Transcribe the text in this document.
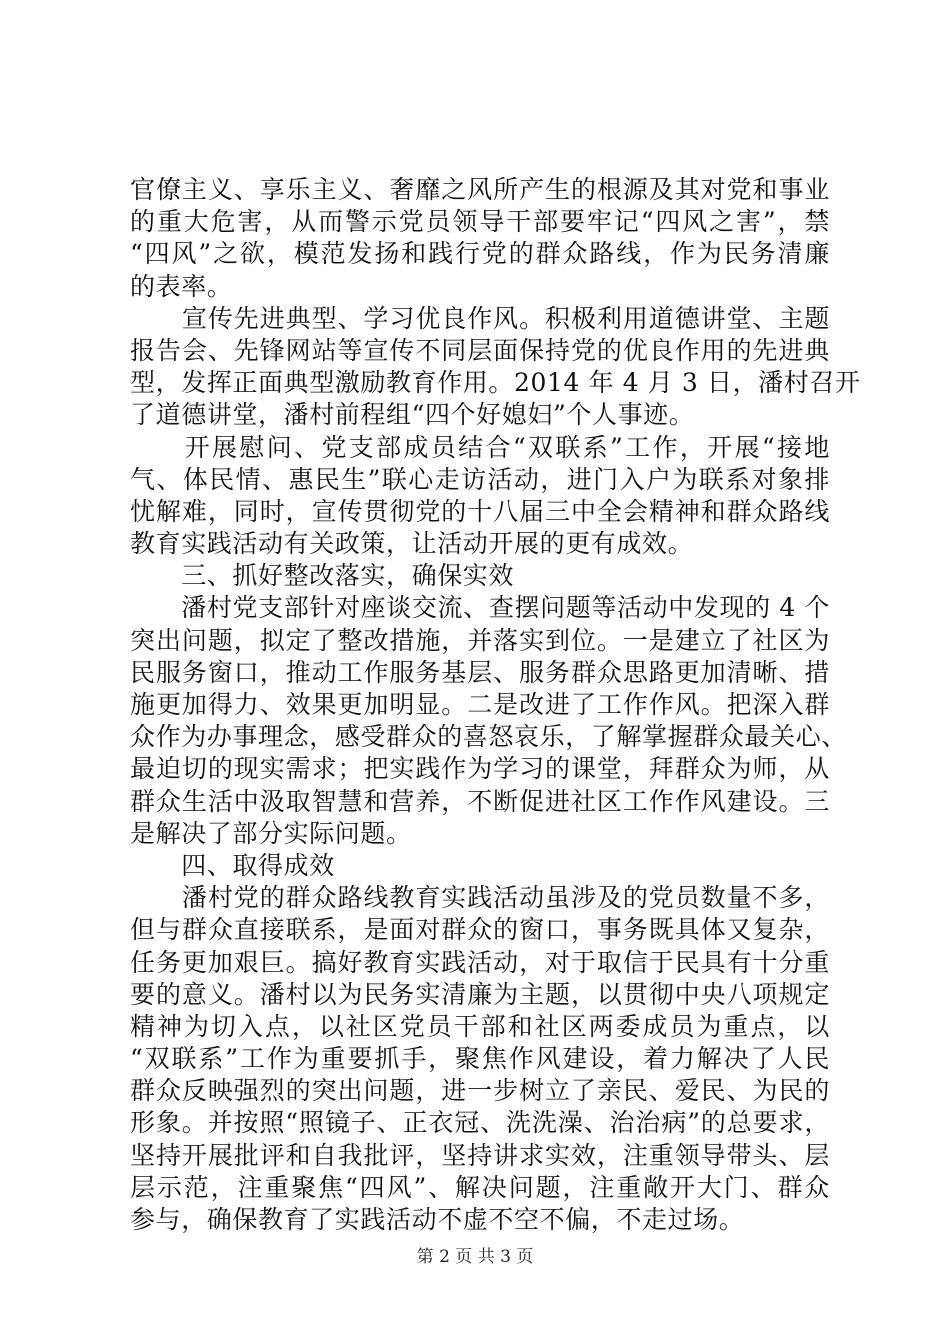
官僚主义、享乐主义、奢靡之风所产生的根源及其对党和事业
的重大危害，从而警示党员领导干部要牢记“四风之害”，禁
“四风”之欲，模范发扬和践行党的群众路线，作为民务清廉
的表率。
　　宣传先进典型、学习优良作风。积极利用道德讲堂、主题
报告会、先锋网站等宣传不同层面保持党的优良作用的先进典
型，发挥正面典型激励教育作用。2014 年 4 月 3 日，潘村召开
了道德讲堂，潘村前程组“四个好媳妇”个人事迹。
　　开展慰问、党支部成员结合“双联系”工作，开展“接地
气、体民情、惠民生”联心走访活动，进门入户为联系对象排
忧解难，同时，宣传贯彻党的十八届三中全会精神和群众路线
教育实践活动有关政策，让活动开展的更有成效。
　　三、抓好整改落实，确保实效
　　潘村党支部针对座谈交流、查摆问题等活动中发现的 4 个
突出问题，拟定了整改措施，并落实到位。一是建立了社区为
民服务窗口，推动工作服务基层、服务群众思路更加清晰、措
施更加得力、效果更加明显。二是改进了工作作风。把深入群
众作为办事理念，感受群众的喜怒哀乐，了解掌握群众最关心、
最迫切的现实需求；把实践作为学习的课堂，拜群众为师，从
群众生活中汲取智慧和营养，不断促进社区工作作风建设。三
是解决了部分实际问题。
　　四、取得成效
　　潘村党的群众路线教育实践活动虽涉及的党员数量不多，
但与群众直接联系，是面对群众的窗口，事务既具体又复杂，
任务更加艰巨。搞好教育实践活动，对于取信于民具有十分重
要的意义。潘村以为民务实清廉为主题，以贯彻中央八项规定
精神为切入点，以社区党员干部和社区两委成员为重点，以
“双联系”工作为重要抓手，聚焦作风建设，着力解决了人民
群众反映强烈的突出问题，进一步树立了亲民、爱民、为民的
形象。并按照“照镜子、正衣冠、洗洗澡、治治病”的总要求，
坚持开展批评和自我批评，坚持讲求实效，注重领导带头、层
层示范，注重聚焦“四风”、解决问题，注重敞开大门、群众
参与，确保教育了实践活动不虚不空不偏，不走过场。
第 2 页 共 3 页
